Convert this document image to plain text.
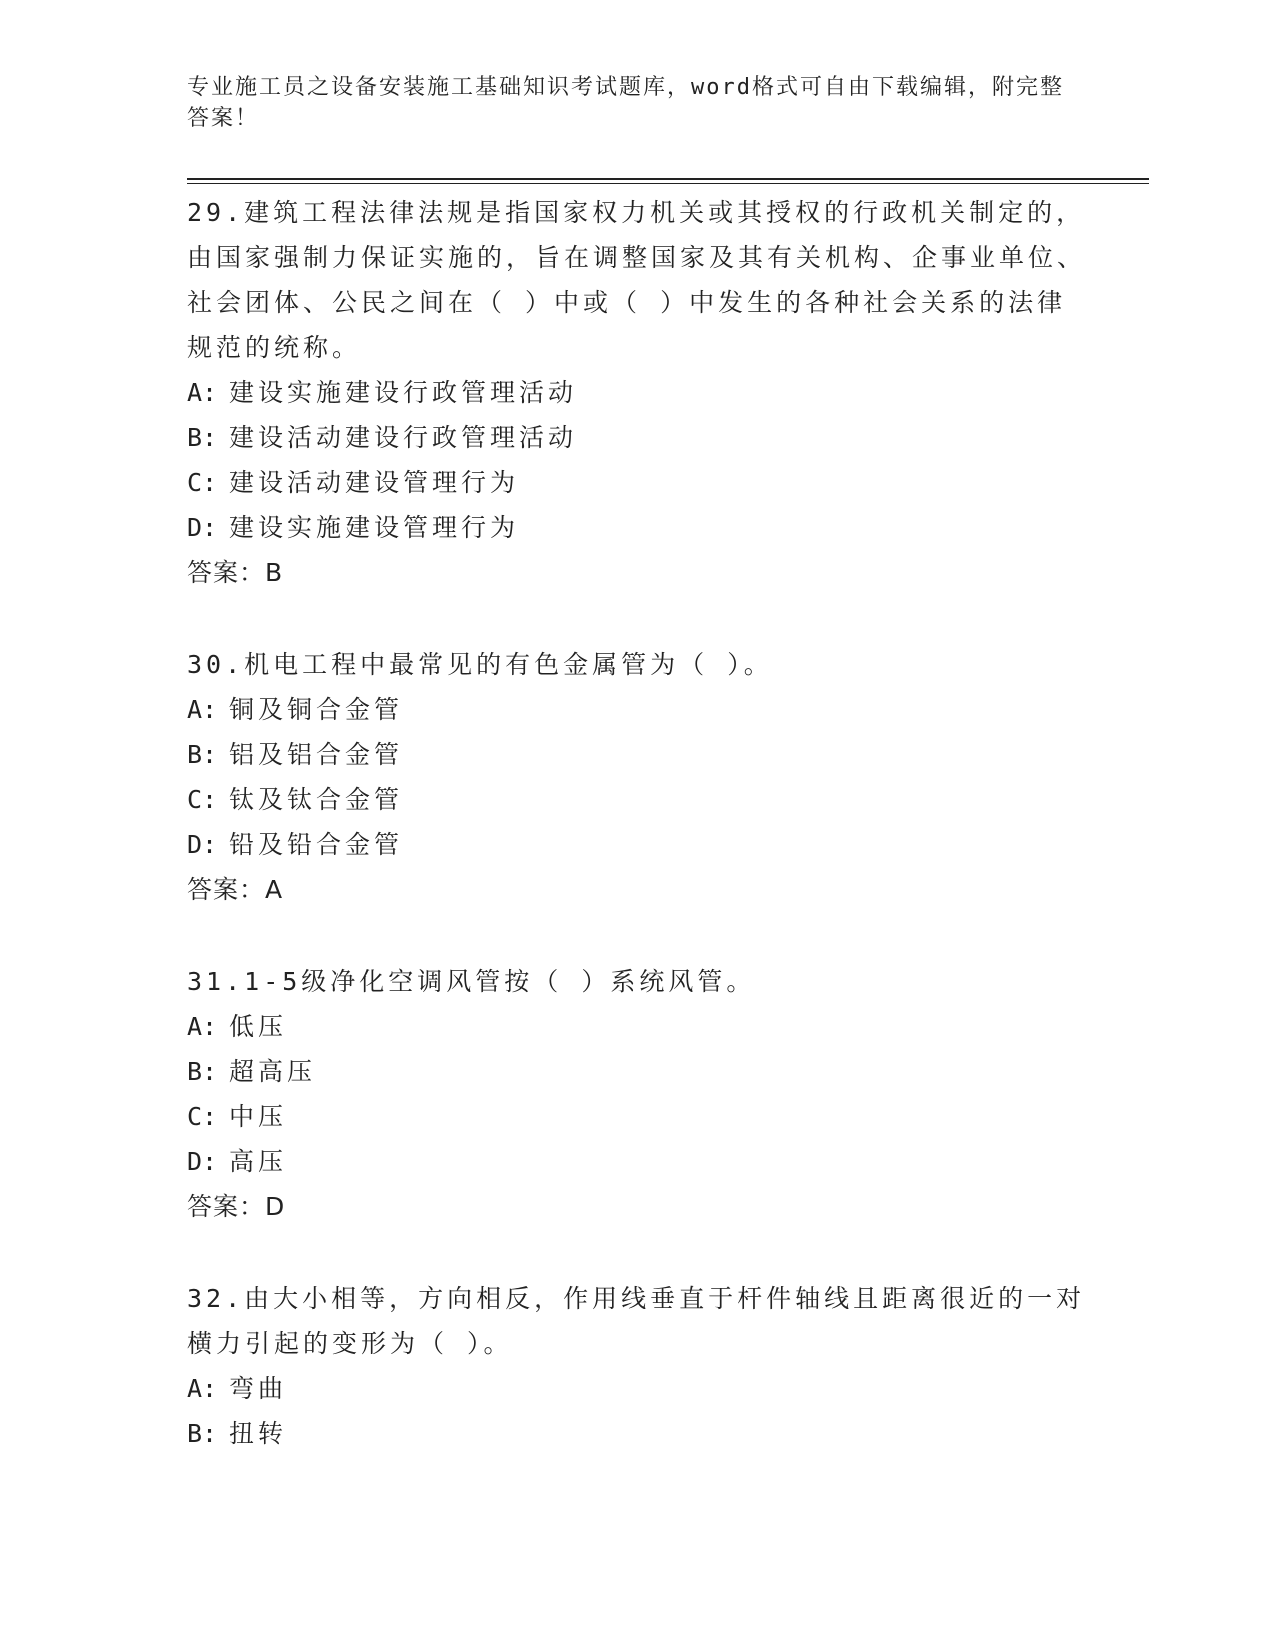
专业施工员之设备安装施工基础知识考试题库，word格式可自由下载编辑，附完整答案！
29.建筑工程法律法规是指国家权力机关或其授权的行政机关制定的，由国家强制力保证实施的，旨在调整国家及其有关机构、企事业单位、社会团体、公民之间在（ ）中或（ ）中发生的各种社会关系的法律规范的统称。
A: 建设实施建设行政管理活动
B: 建设活动建设行政管理活动
C: 建设活动建设管理行为
D: 建设实施建设管理行为
答案：B
30.机电工程中最常见的有色金属管为（ ）。
A: 铜及铜合金管
B: 铝及铝合金管
C: 钛及钛合金管
D: 铅及铅合金管
答案：A
31.1-5级净化空调风管按（ ）系统风管。
A: 低压
B: 超高压
C: 中压
D: 高压
答案：D
32.由大小相等，方向相反，作用线垂直于杆件轴线且距离很近的一对横力引起的变形为（ ）。
A: 弯曲
B: 扭转
